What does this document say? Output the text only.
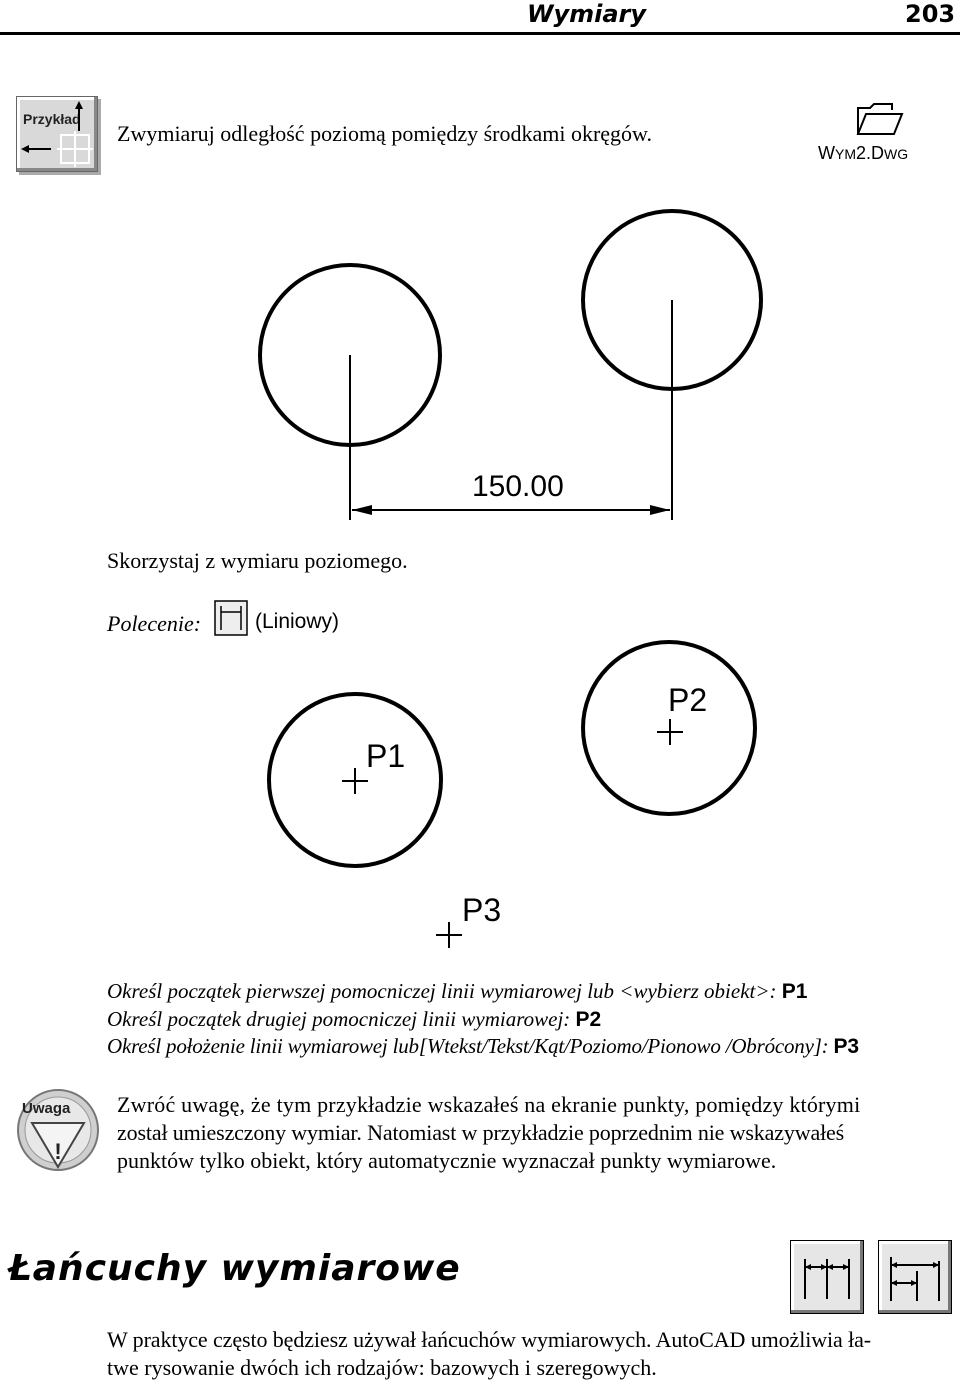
Wymiary	203
Przykład
Zwymiaruj odległość poziomą pomiędzy środkami okręgów.
WYM2.DWG
150.00
Skorzystaj z wymiaru poziomego.
Polecenie:	(Liniowy)
P1
P2
P3
Określ początek pierwszej pomocniczej linii wymiarowej lub <wybierz obiekt>: P1
Określ początek drugiej pomocniczej linii wymiarowej: P2
Określ położenie linii wymiarowej lub[Wtekst/Tekst/Kąt/Poziomo/Pionowo /Obrócony]: P3
!
Uwaga Zwróć uwagę, że tym przykładzie wskazałeś na ekranie punkty, pomiędzy którymi
został umieszczony wymiar. Natomiast w przykładzie poprzednim nie wskazywałeś
punktów tylko obiekt, który automatycznie wyznaczał punkty wymiarowe.
Łańcuchy wymiarowe
W praktyce często będziesz używał łańcuchów wymiarowych. AutoCAD umożliwia ła-
twe rysowanie dwóch ich rodzajów: bazowych i szeregowych.
